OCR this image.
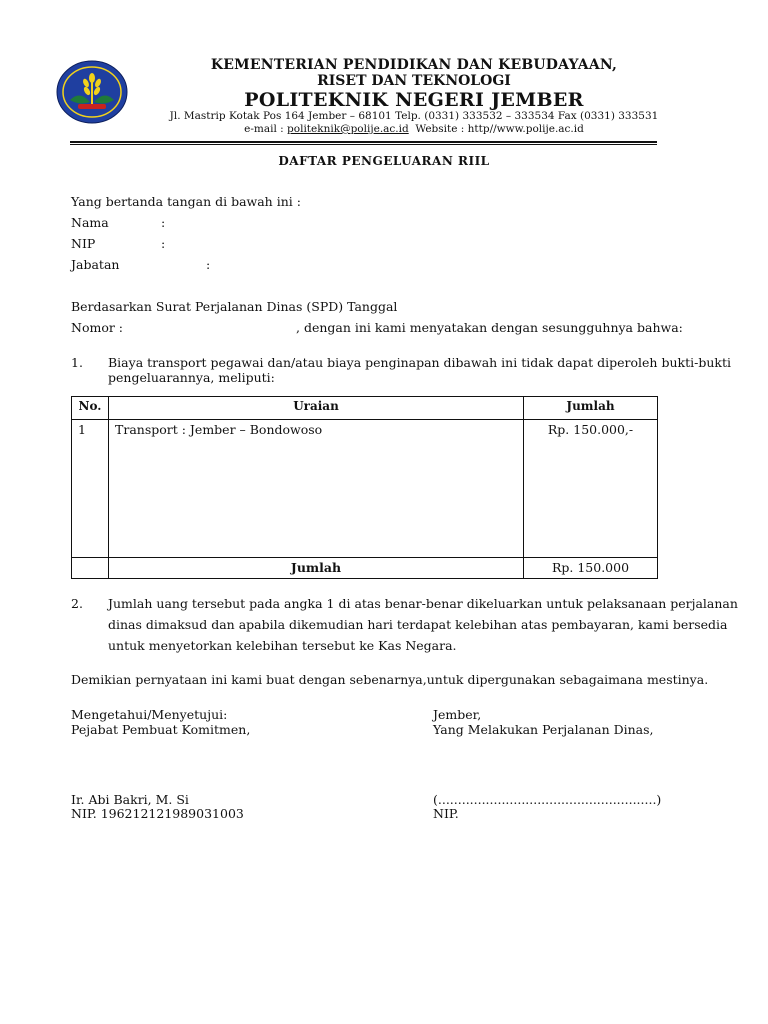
KEMENTERIAN PENDIDIKAN DAN KEBUDAYAAN,
RISET DAN TEKNOLOGI
POLITEKNIK NEGERI JEMBER
Jl. Mastrip Kotak Pos 164 Jember – 68101 Telp. (0331) 333532 – 333534 Fax (0331) 333531
e-mail : politeknik@polije.ac.id Website : http//www.polije.ac.id
DAFTAR PENGELUARAN RIIL
Yang bertanda tangan di bawah ini :
Nama	:
NIP	:
Jabatan	:
Berdasarkan Surat Perjalanan Dinas (SPD) Tanggal
Nomor :	, dengan ini kami menyatakan dengan sesungguhnya bahwa:
1. Biaya transport pegawai dan/atau biaya penginapan dibawah ini tidak dapat diperoleh bukti-bukti
pengeluarannya, meliputi:
No.	Uraian	Jumlah
1	Transport : Jember – Bondowoso	Rp. 150.000,-
	Jumlah	Rp. 150.000
2. Jumlah uang tersebut pada angka 1 di atas benar-benar dikeluarkan untuk pelaksanaan perjalanan
dinas dimaksud dan apabila dikemudian hari terdapat kelebihan atas pembayaran, kami bersedia
untuk menyetorkan kelebihan tersebut ke Kas Negara.
Demikian pernyataan ini kami buat dengan sebenarnya,untuk dipergunakan sebagaimana mestinya.
Mengetahui/Menyetujui:
Pejabat Pembuat Komitmen,
Ir. Abi Bakri, M. Si
NIP. 196212121989031003
Jember,
Yang Melakukan Perjalanan Dinas,
(.......................................................)
NIP.
